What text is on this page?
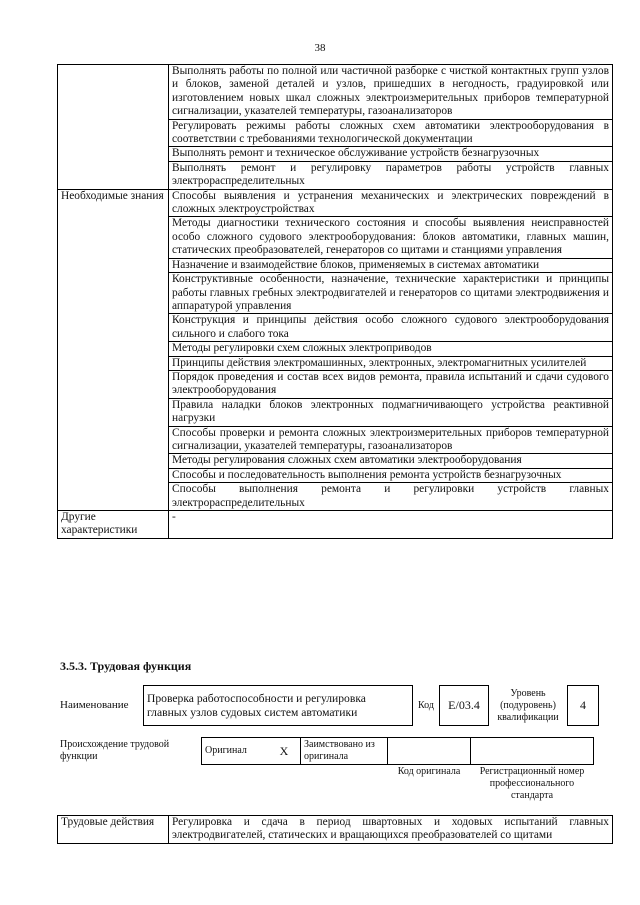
38
	Выполнять работы по полной или частичной разборке с чисткой контактных групп узлов и блоков, заменой деталей и узлов, пришедших в негодность, градуировкой или изготовлением новых шкал сложных электроизмерительных приборов температурной сигнализации, указателей температуры, газоанализаторов
	Регулировать режимы работы сложных схем автоматики электрооборудования в соответствии с требованиями технологической документации
	Выполнять ремонт и техническое обслуживание устройств безнагрузочных
	Выполнять ремонт и регулировку параметров работы устройств главных электрораспределительных
Необходимые знания	Способы выявления и устранения механических и электрических повреждений в сложных электроустройствах
	Методы диагностики технического состояния и способы выявления неисправностей особо сложного судового электрооборудования: блоков автоматики, главных машин, статических преобразователей, генераторов со щитами и станциями управления
	Назначение и взаимодействие блоков, применяемых в системах автоматики
	Конструктивные особенности, назначение, технические характеристики и принципы работы главных гребных электродвигателей и генераторов со щитами электродвижения и аппаратурой управления
	Конструкция и принципы действия особо сложного судового электрооборудования сильного и слабого тока
	Методы регулировки схем сложных электроприводов
	Принципы действия электромашинных, электронных, электромагнитных усилителей
	Порядок проведения и состав всех видов ремонта, правила испытаний и сдачи судового электрооборудования
	Правила наладки блоков электронных подмагничивающего устройства реактивной нагрузки
	Способы проверки и ремонта сложных электроизмерительных приборов температурной сигнализации, указателей температуры, газоанализаторов
	Методы регулирования сложных схем автоматики электрооборудования
	Способы и последовательность выполнения ремонта устройств безнагрузочных
	Способы выполнения ремонта и регулировки устройств главных электрораспределительных
Другие характеристики	-
3.5.3. Трудовая функция
Наименование	Проверка работоспособности и регулировка главных узлов судовых систем автоматики	Код	E/03.4	Уровень (подуровень) квалификации	4
Происхождение трудовой функции	Оригинал	X	Заимствовано из оригинала		
				Код оригинала	Регистрационный номер профессионального стандарта
Трудовые действия	Регулировка и сдача в период швартовных и ходовых испытаний главных электродвигателей, статических и вращающихся преобразователей со щитами
